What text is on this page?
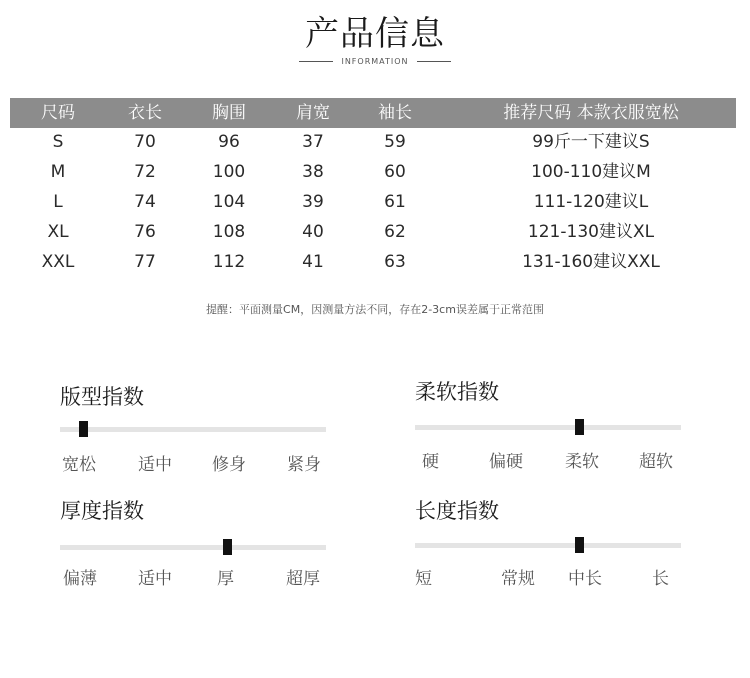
产品信息
INFORMATION
尺码	衣长	胸围	肩宽	袖长	推荐尺码 本款衣服宽松
S	70	96	37	59	99斤一下建议S
M	72	100	38	60	100-110建议M
L	74	104	39	61	111-120建议L
XL	76	108	40	62	121-130建议XL
XXL	77	112	41	63	131-160建议XXL
提醒：平面测量CM，因测量方法不同，存在2-3cm误差属于正常范围
版型指数
宽松 适中 修身 紧身
柔软指数
硬	偏硬 柔软 超软
厚度指数
偏薄 适中	厚	超厚
长度指数
短	常规 中长	长
